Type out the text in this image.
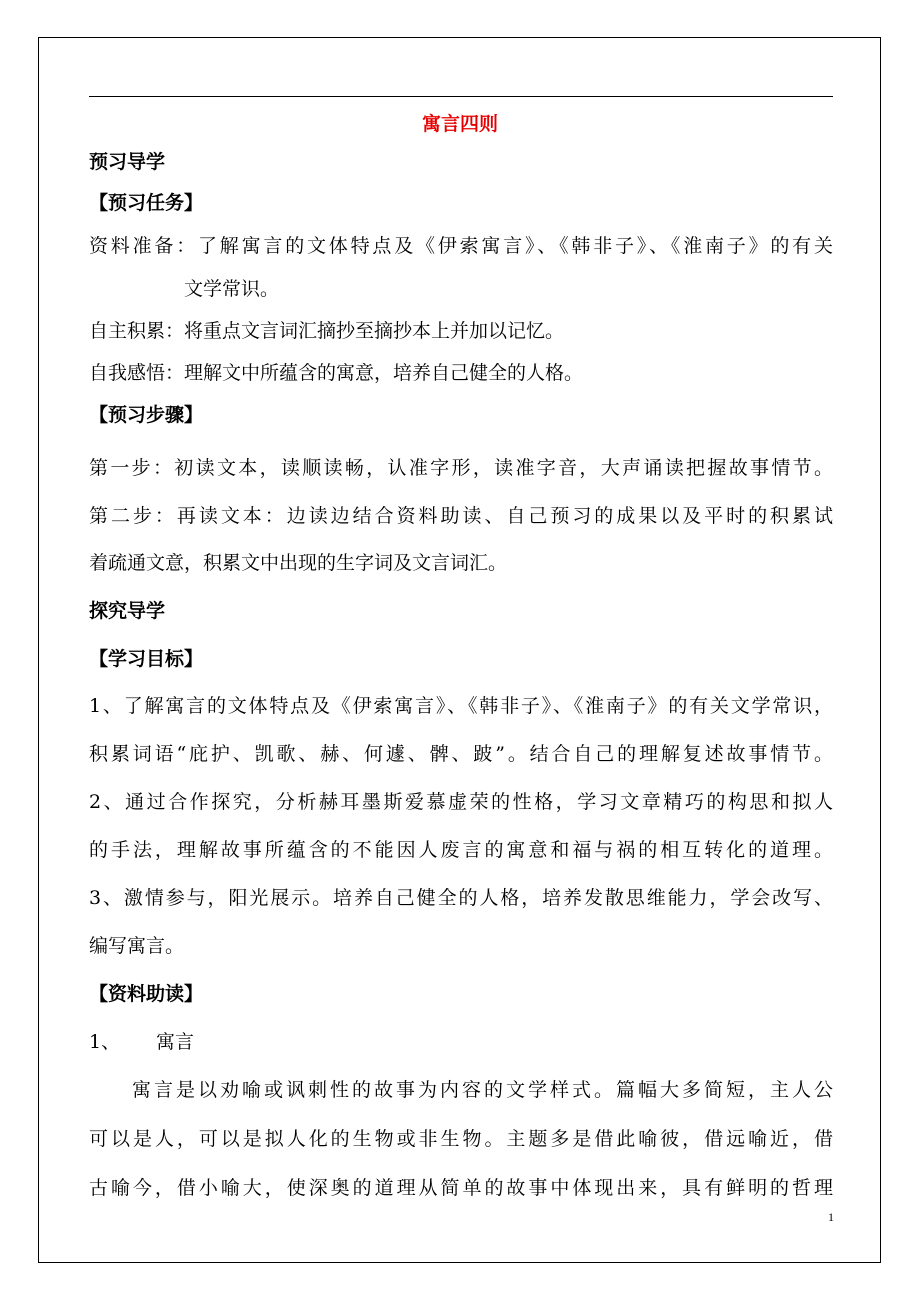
寓言四则
预习导学
【预习任务】
资料准备：了解寓言的文体特点及《伊索寓言》、《韩非子》、《淮南子》的有关
文学常识。
自主积累：将重点文言词汇摘抄至摘抄本上并加以记忆。
自我感悟：理解文中所蕴含的寓意，培养自己健全的人格。
【预习步骤】
第一步：初读文本，读顺读畅，认准字形，读准字音，大声诵读把握故事情节。
第二步：再读文本：边读边结合资料助读、自己预习的成果以及平时的积累试
着疏通文意，积累文中出现的生字词及文言词汇。
探究导学
【学习目标】
1、了解寓言的文体特点及《伊索寓言》、《韩非子》、《淮南子》的有关文学常识，
积累词语“庇护、凯歌、赫、何遽、髀、跛”。结合自己的理解复述故事情节。
2、通过合作探究，分析赫耳墨斯爱慕虚荣的性格，学习文章精巧的构思和拟人
的手法，理解故事所蕴含的不能因人废言的寓意和福与祸的相互转化的道理。
3、激情参与，阳光展示。培养自己健全的人格，培养发散思维能力，学会改写、
编写寓言。
【资料助读】
1、 寓言
寓言是以劝喻或讽刺性的故事为内容的文学样式。篇幅大多简短，主人公
可以是人，可以是拟人化的生物或非生物。主题多是借此喻彼，借远喻近，借
古喻今，借小喻大，使深奥的道理从简单的故事中体现出来，具有鲜明的哲理
1
